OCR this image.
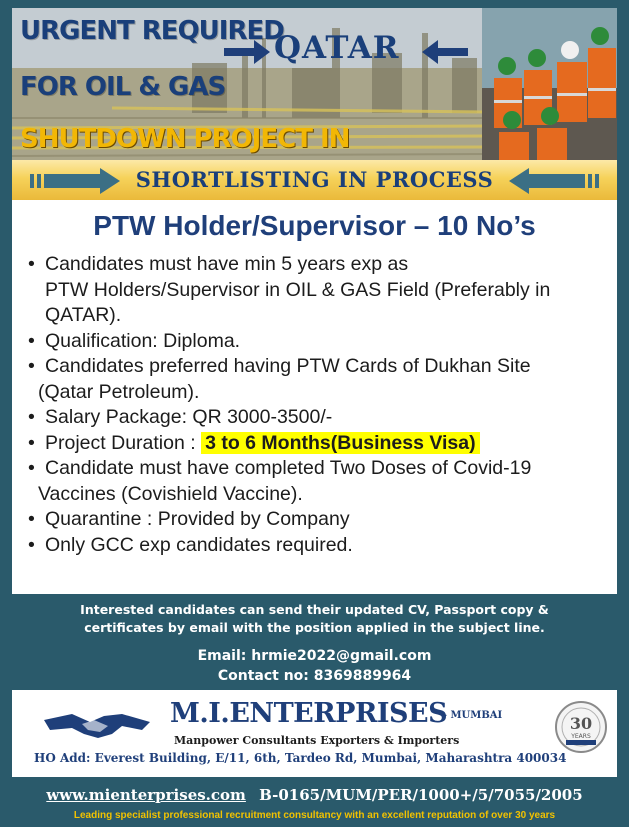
URGENT REQUIRED
FOR OIL & GAS
SHUTDOWN PROJECT IN
QATAR
SHORTLISTING IN PROCESS
PTW Holder/Supervisor – 10 No’s
• Candidates must have min 5 years exp as
PTW Holders/Supervisor in OIL & GAS Field (Preferably in
QATAR).
• Qualification: Diploma.
• Candidates preferred having PTW Cards of Dukhan Site
(Qatar Petroleum).
• Salary Package: QR 3000-3500/-
• Project Duration : 3 to 6 Months(Business Visa)
• Candidate must have completed Two Doses of Covid-19
Vaccines (Covishield Vaccine).
• Quarantine : Provided by Company
• Only GCC exp candidates required.
Interested candidates can send their updated CV, Passport copy &
certificates by email with the position applied in the subject line.
Email: hrmie2022@gmail.com
Contact no: 8369889964
M.I.ENTERPRISES
– MUMBAI
Manpower Consultants Exporters & Importers
HO Add: Everest Building, E/11, 6th, Tardeo Rd, Mumbai, Maharashtra 400034
30
YEARS
www.mienterprises.com B-0165/MUM/PER/1000+/5/7055/2005
Leading specialist professional recruitment consultancy with an excellent reputation of over 30 years
